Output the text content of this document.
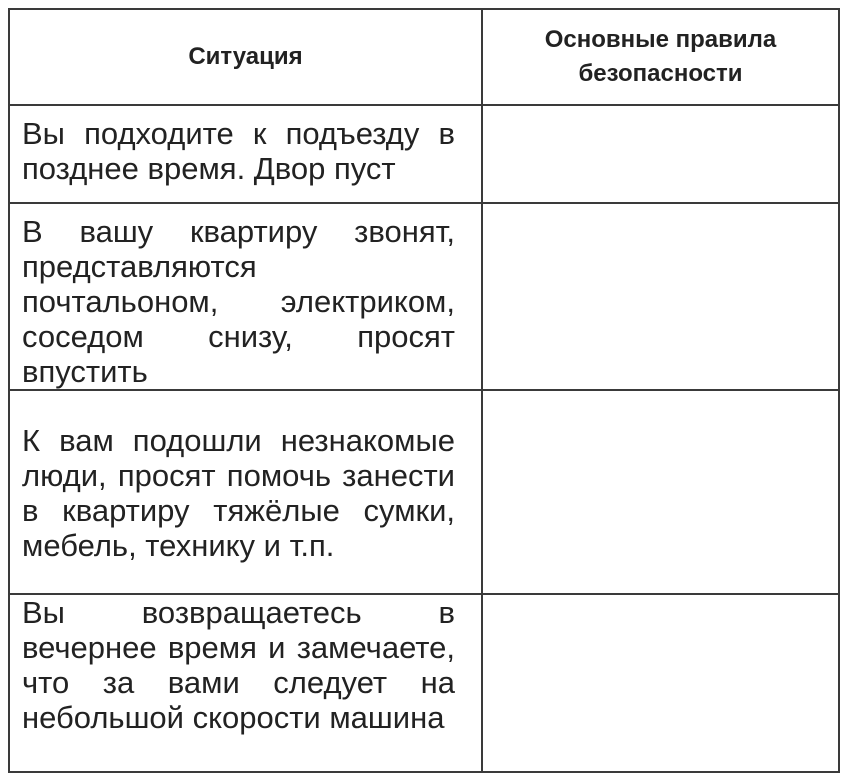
Ситуация	Основные правила безопасности

Вы подходите к подъезду в позднее время. Двор пуст	

В вашу квартиру звонят, представляются почтальоном, электриком, соседом снизу, просят впустить	

К вам подошли незнакомые люди, просят помочь занести в квартиру тяжёлые сумки, мебель, технику и т.п.	

Вы возвращаетесь в вечернее время и замечаете, что за вами следует на небольшой скорости машина	
